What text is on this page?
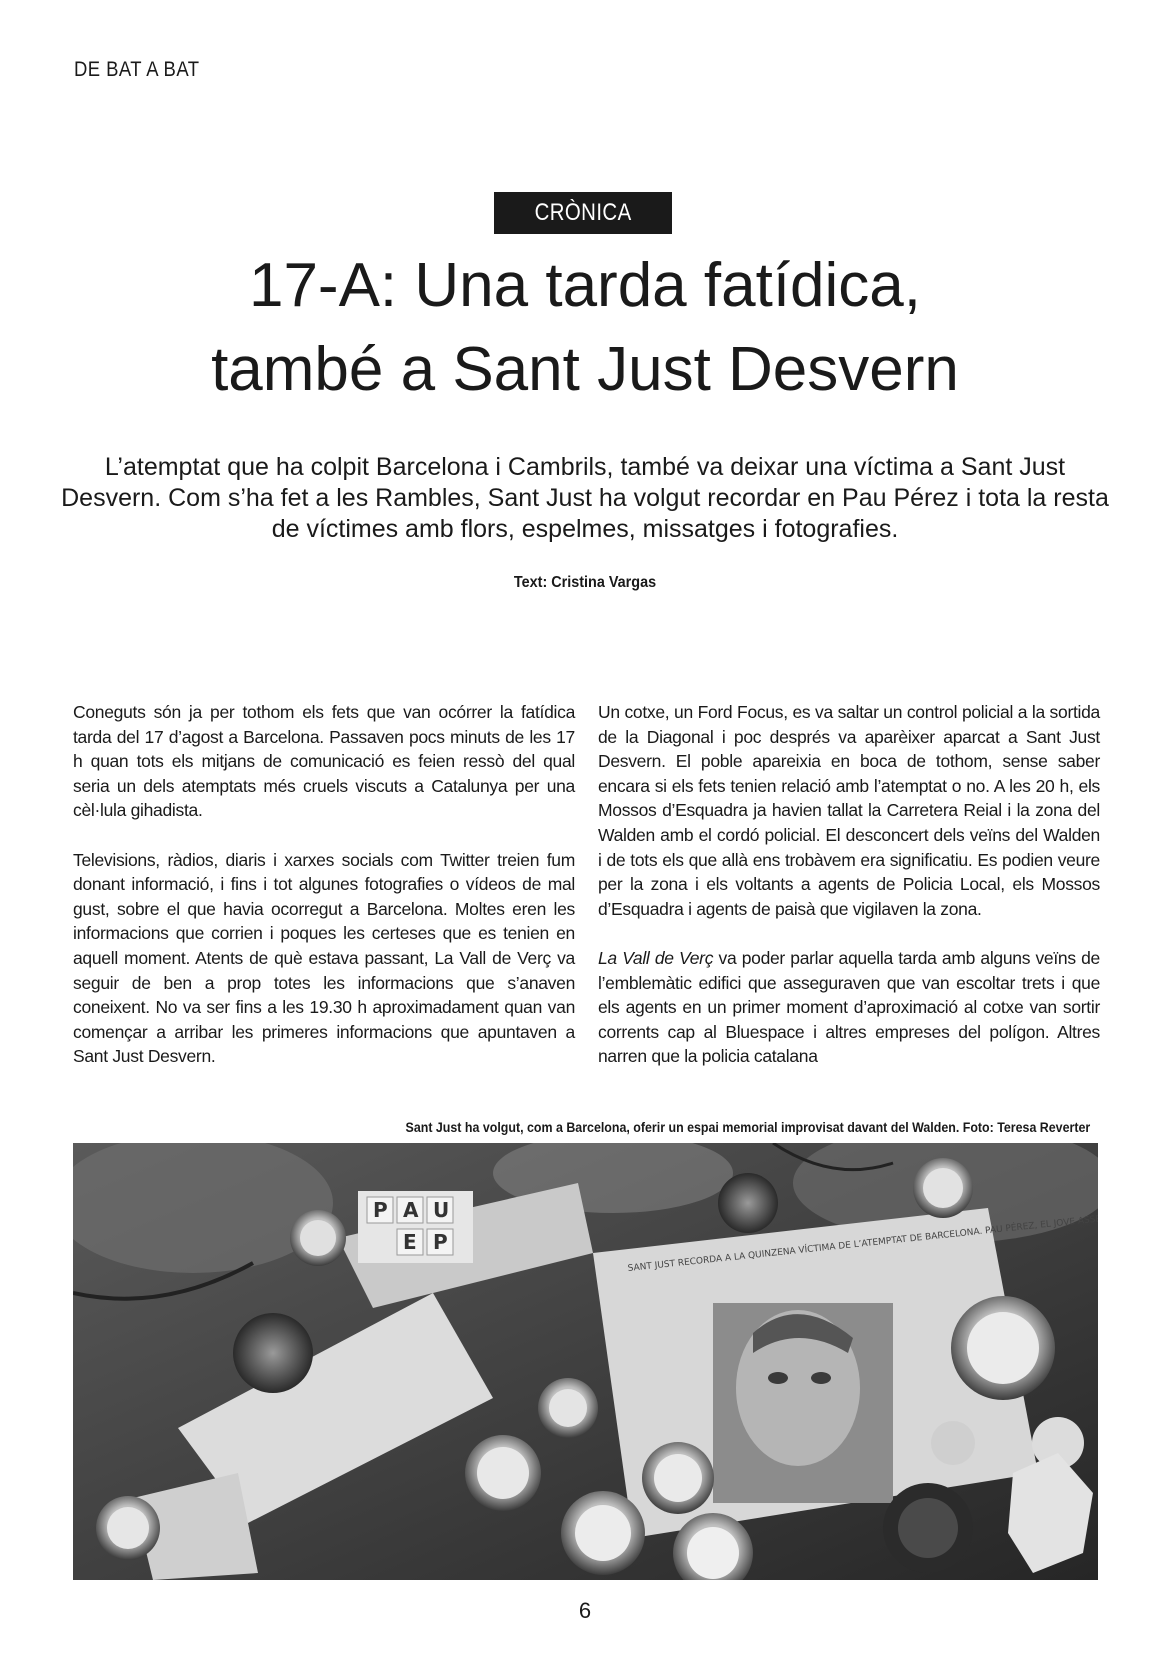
DE BAT A BAT
CRÒNICA
17-A: Una tarda fatídica,
també a Sant Just Desvern
L’atemptat que ha colpit Barcelona i Cambrils, també va deixar una víctima a Sant Just Desvern. Com s’ha fet a les Rambles, Sant Just ha volgut recordar en Pau Pérez i tota la resta de víctimes amb flors, espelmes, missatges i fotografies.
Text: Cristina Vargas

Coneguts són ja per tothom els fets que van ocórrer la fatídica tarda del 17 d’agost a Barcelona. Passaven pocs minuts de les 17 h quan tots els mitjans de comunicació es feien ressò del qual seria un dels atemptats més cruels viscuts a Catalunya per una cèl·lula gihadista.

Televisions, ràdios, diaris i xarxes socials com Twitter treien fum donant informació, i fins i tot algunes fotografies o vídeos de mal gust, sobre el que havia ocorregut a Barcelona. Moltes eren les informacions que corrien i poques les certeses que es tenien en aquell moment. Atents de què estava passant, La Vall de Verç va seguir de ben a prop totes les informacions que s’anaven coneixent. No va ser fins a les 19.30 h aproximadament quan van començar a arribar les primeres informacions que apuntaven a Sant Just Desvern.

Un cotxe, un Ford Focus, es va saltar un control policial a la sortida de la Diagonal i poc després va aparèixer aparcat a Sant Just Desvern. El poble apareixia en boca de tothom, sense saber encara si els fets tenien relació amb l’atemptat o no. A les 20 h, els Mossos d’Esquadra ja havien tallat la Carretera Reial i la zona del Walden amb el cordó policial. El desconcert dels veïns del Walden i de tots els que allà ens trobàvem era significatiu. Es podien veure per la zona i els voltants a agents de Policia Local, els Mossos d’Esquadra i agents de paisà que vigilaven la zona.

La Vall de Verç va poder parlar aquella tarda amb alguns veïns de l’emblemàtic edifici que asseguraven que van escoltar trets i que els agents en un primer moment d’aproximació al cotxe van sortir corrents cap al Bluespace i altres empreses del polígon. Altres narren que la policia catalana

Sant Just ha volgut, com a Barcelona, oferir un espai memorial improvisat davant del Walden. Foto: Teresa Reverter
P A U
E P
SANT JUST RECORDA A LA QUINZENA VÍCTIMA DE L’ATEMPTAT DE BARCELONA. PAU PÉREZ, EL JOVE ASSESSINAT
6
